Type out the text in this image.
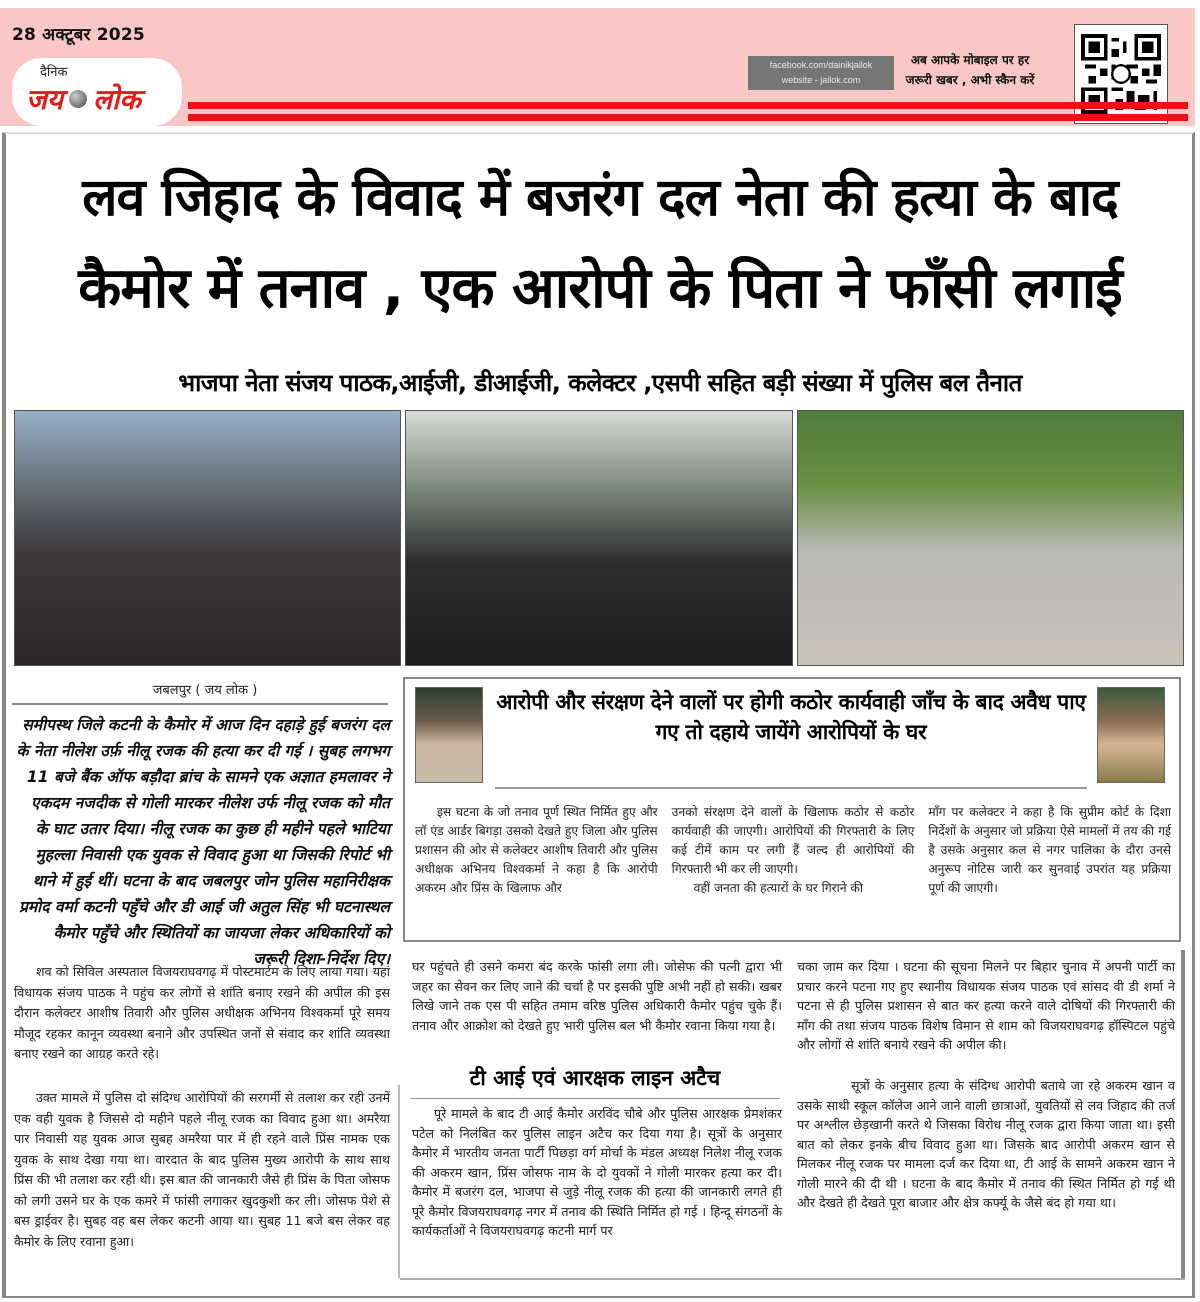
28 अक्टूबर 2025
दैनिक
जय लोक
facebook.com/dainikjailok
website - jailok.com
अब आपके मोबाइल पर हर
जरूरी खबर , अभी स्कैन करें
लव जिहाद के विवाद में बजरंग दल नेता की हत्या के बाद
कैमोर में तनाव , एक आरोपी के पिता ने फाँसी लगाई
भाजपा नेता संजय पाठक,आईजी, डीआईजी, कलेक्टर ,एसपी सहित बड़ी संख्या में पुलिस बल तैनात
जबलपुर ( जय लोक )

समीपस्थ जिले कटनी के कैमोर में आज दिन दहाड़े हुई बजरंग दल के नेता नीलेश उर्फ़ नीलू रजक की हत्या कर दी गई । सुबह लगभग 11 बजे बैंक ऑफ बड़ौदा ब्रांच के सामने एक अज्ञात हमलावर ने एकदम नजदीक से गोली मारकर नीलेश उर्फ नीलू रजक को मौत के घाट उतार दिया। नीलू रजक का कुछ ही महीने पहले भाटिया मुहल्ला निवासी एक युवक से विवाद हुआ था जिसकी रिपोर्ट भी थाने में हुई थीं। घटना के बाद जबलपुर जोन पुलिस महानिरीक्षक प्रमोद वर्मा कटनी पहुँचे और डी आई जी अतुल सिंह भी घटनास्थल कैमोर पहुँचे और स्थितियों का जायजा लेकर अधिकारियों को जरूरी दिशा-निर्देश दिए।

शव को सिविल अस्पताल विजयराघवगढ़ में पोस्टमार्टम के लिए लाया गया। यहां विधायक संजय पाठक ने पहुंच कर लोगों से शांति बनाए रखने की अपील की इस दौरान कलेक्टर आशीष तिवारी और पुलिस अधीक्षक अभिनय विश्वकर्मा पूरे समय मौजूद रहकर कानून व्यवस्था बनाने और उपस्थित जनों से संवाद कर शांति व्यवस्था बनाए रखने का आग्रह करते रहे।

उक्त मामले में पुलिस दो संदिग्ध आरोपियों की सरगर्मी से तलाश कर रही उनमें एक वही युवक है जिससे दो महीने पहले नीलू रजक का विवाद हुआ था। अमरैया पार निवासी यह युवक आज सुबह अमरैया पार में ही रहने वाले प्रिंस नामक एक युवक के साथ देखा गया था। वारदात के बाद पुलिस मुख्य आरोपी के साथ साथ प्रिंस की भी तलाश कर रही थी। इस बात की जानकारी जैसे ही प्रिंस के पिता जोसफ को लगी उसने घर के एक कमरे में फांसी लगाकर खुदकुशी कर ली। जोसफ पेशे से बस ड्राईवर है। सुबह वह बस लेकर कटनी आया था। सुबह 11 बजे बस लेकर वह कैमोर के लिए रवाना हुआ।

आरोपी और संरक्षण देने वालों पर होगी कठोर कार्यवाही जाँच के बाद अवैध पाए गए तो दहाये जायेंगे आरोपियों के घर

इस घटना के जो तनाव पूर्ण स्थित निर्मित हुए और लॉ एंड आर्डर बिगड़ा उसको देखते हुए जिला और पुलिस प्रशासन की ओर से कलेक्टर आशीष तिवारी और पुलिस अधीक्षक अभिनय विश्वकर्मा ने कहा है कि आरोपी अकरम और प्रिंस के खिलाफ और

उनको संरक्षण देने वालों के खिलाफ कठोर से कठोर कार्यवाही की जाएगी। आरोपियों की गिरफ्तारी के लिए कई टीमें काम पर लगी हैं जल्द ही आरोपियों की गिरफ्तारी भी कर ली जाएगी।

वहीं जनता की हत्यारों के घर गिराने की

माँग पर कलेक्टर ने कहा है कि सुप्रीम कोर्ट के दिशा निर्देशों के अनुसार जो प्रक्रिया ऐसे मामलों में तय की गई है उसके अनुसार कल से नगर पालिका के दौरा उनसे अनुरूप नोटिस जारी कर सुनवाई उपरांत यह प्रक्रिया पूर्ण की जाएगी।

घर पहुंचते ही उसने कमरा बंद करके फांसी लगा ली। जोसेफ की पत्नी द्वारा भी जहर का सेवन कर लिए जाने की चर्चा है पर इसकी पुष्टि अभी नहीं हो सकी। खबर लिखे जाने तक एस पी सहित तमाम वरिष्ठ पुलिस अधिकारी कैमोर पहुंच चुके हैं। तनाव और आक्रोश को देखते हुए भारी पुलिस बल भी कैमोर रवाना किया गया है।

टी आई एवं आरक्षक लाइन अटैच

पूरे मामले के बाद टी आई कैमोर अरविंद चौबे और पुलिस आरक्षक प्रेमशंकर पटेल को निलंबित कर पुलिस लाइन अटैच कर दिया गया है। सूत्रों के अनुसार कैमोर में भारतीय जनता पार्टी पिछड़ा वर्ग मोर्चा के मंडल अध्यक्ष निलेश नीलू रजक की अकरम खान, प्रिंस जोसफ नाम के दो युवकों ने गोली मारकर हत्या कर दी। कैमोर में बजरंग दल, भाजपा से जुड़े नीलू रजक की हत्या की जानकारी लगते ही पूरे कैमोर विजयराघवगढ़ नगर में तनाव की स्थिति निर्मित हो गई । हिन्दू संगठनों के कार्यकर्ताओं ने विजयराघवगढ़ कटनी मार्ग पर

चका जाम कर दिया । घटना की सूचना मिलने पर बिहार चुनाव में अपनी पार्टी का प्रचार करने पटना गए हुए स्थानीय विधायक संजय पाठक एवं सांसद वी डी शर्मा ने पटना से ही पुलिस प्रशासन से बात कर हत्या करने वाले दोषियों की गिरफ्तारी की माँग की तथा संजय पाठक विशेष विमान से शाम को विजयराघवगढ़ हॉस्पिटल पहुंचे और लोगों से शांति बनाये रखने की अपील की।

सूत्रों के अनुसार हत्या के संदिग्ध आरोपी बताये जा रहे अकरम खान व उसके साथी स्कूल कॉलेज आने जाने वाली छात्राओं, युवतियों से लव जिहाद की तर्ज पर अश्लील छेड़खानी करते थे जिसका विरोध नीलू रजक द्वारा किया जाता था। इसी बात को लेकर इनके बीच विवाद हुआ था। जिसके बाद आरोपी अकरम खान से मिलकर नीलू रजक पर मामला दर्ज कर दिया था, टी आई के सामने अकरम खान ने गोली मारने की दी थी । घटना के बाद कैमोर में तनाव की स्थित निर्मित हो गई थी और देखते ही देखते पूरा बाजार और क्षेत्र कर्फ्यू के जैसे बंद हो गया था।
